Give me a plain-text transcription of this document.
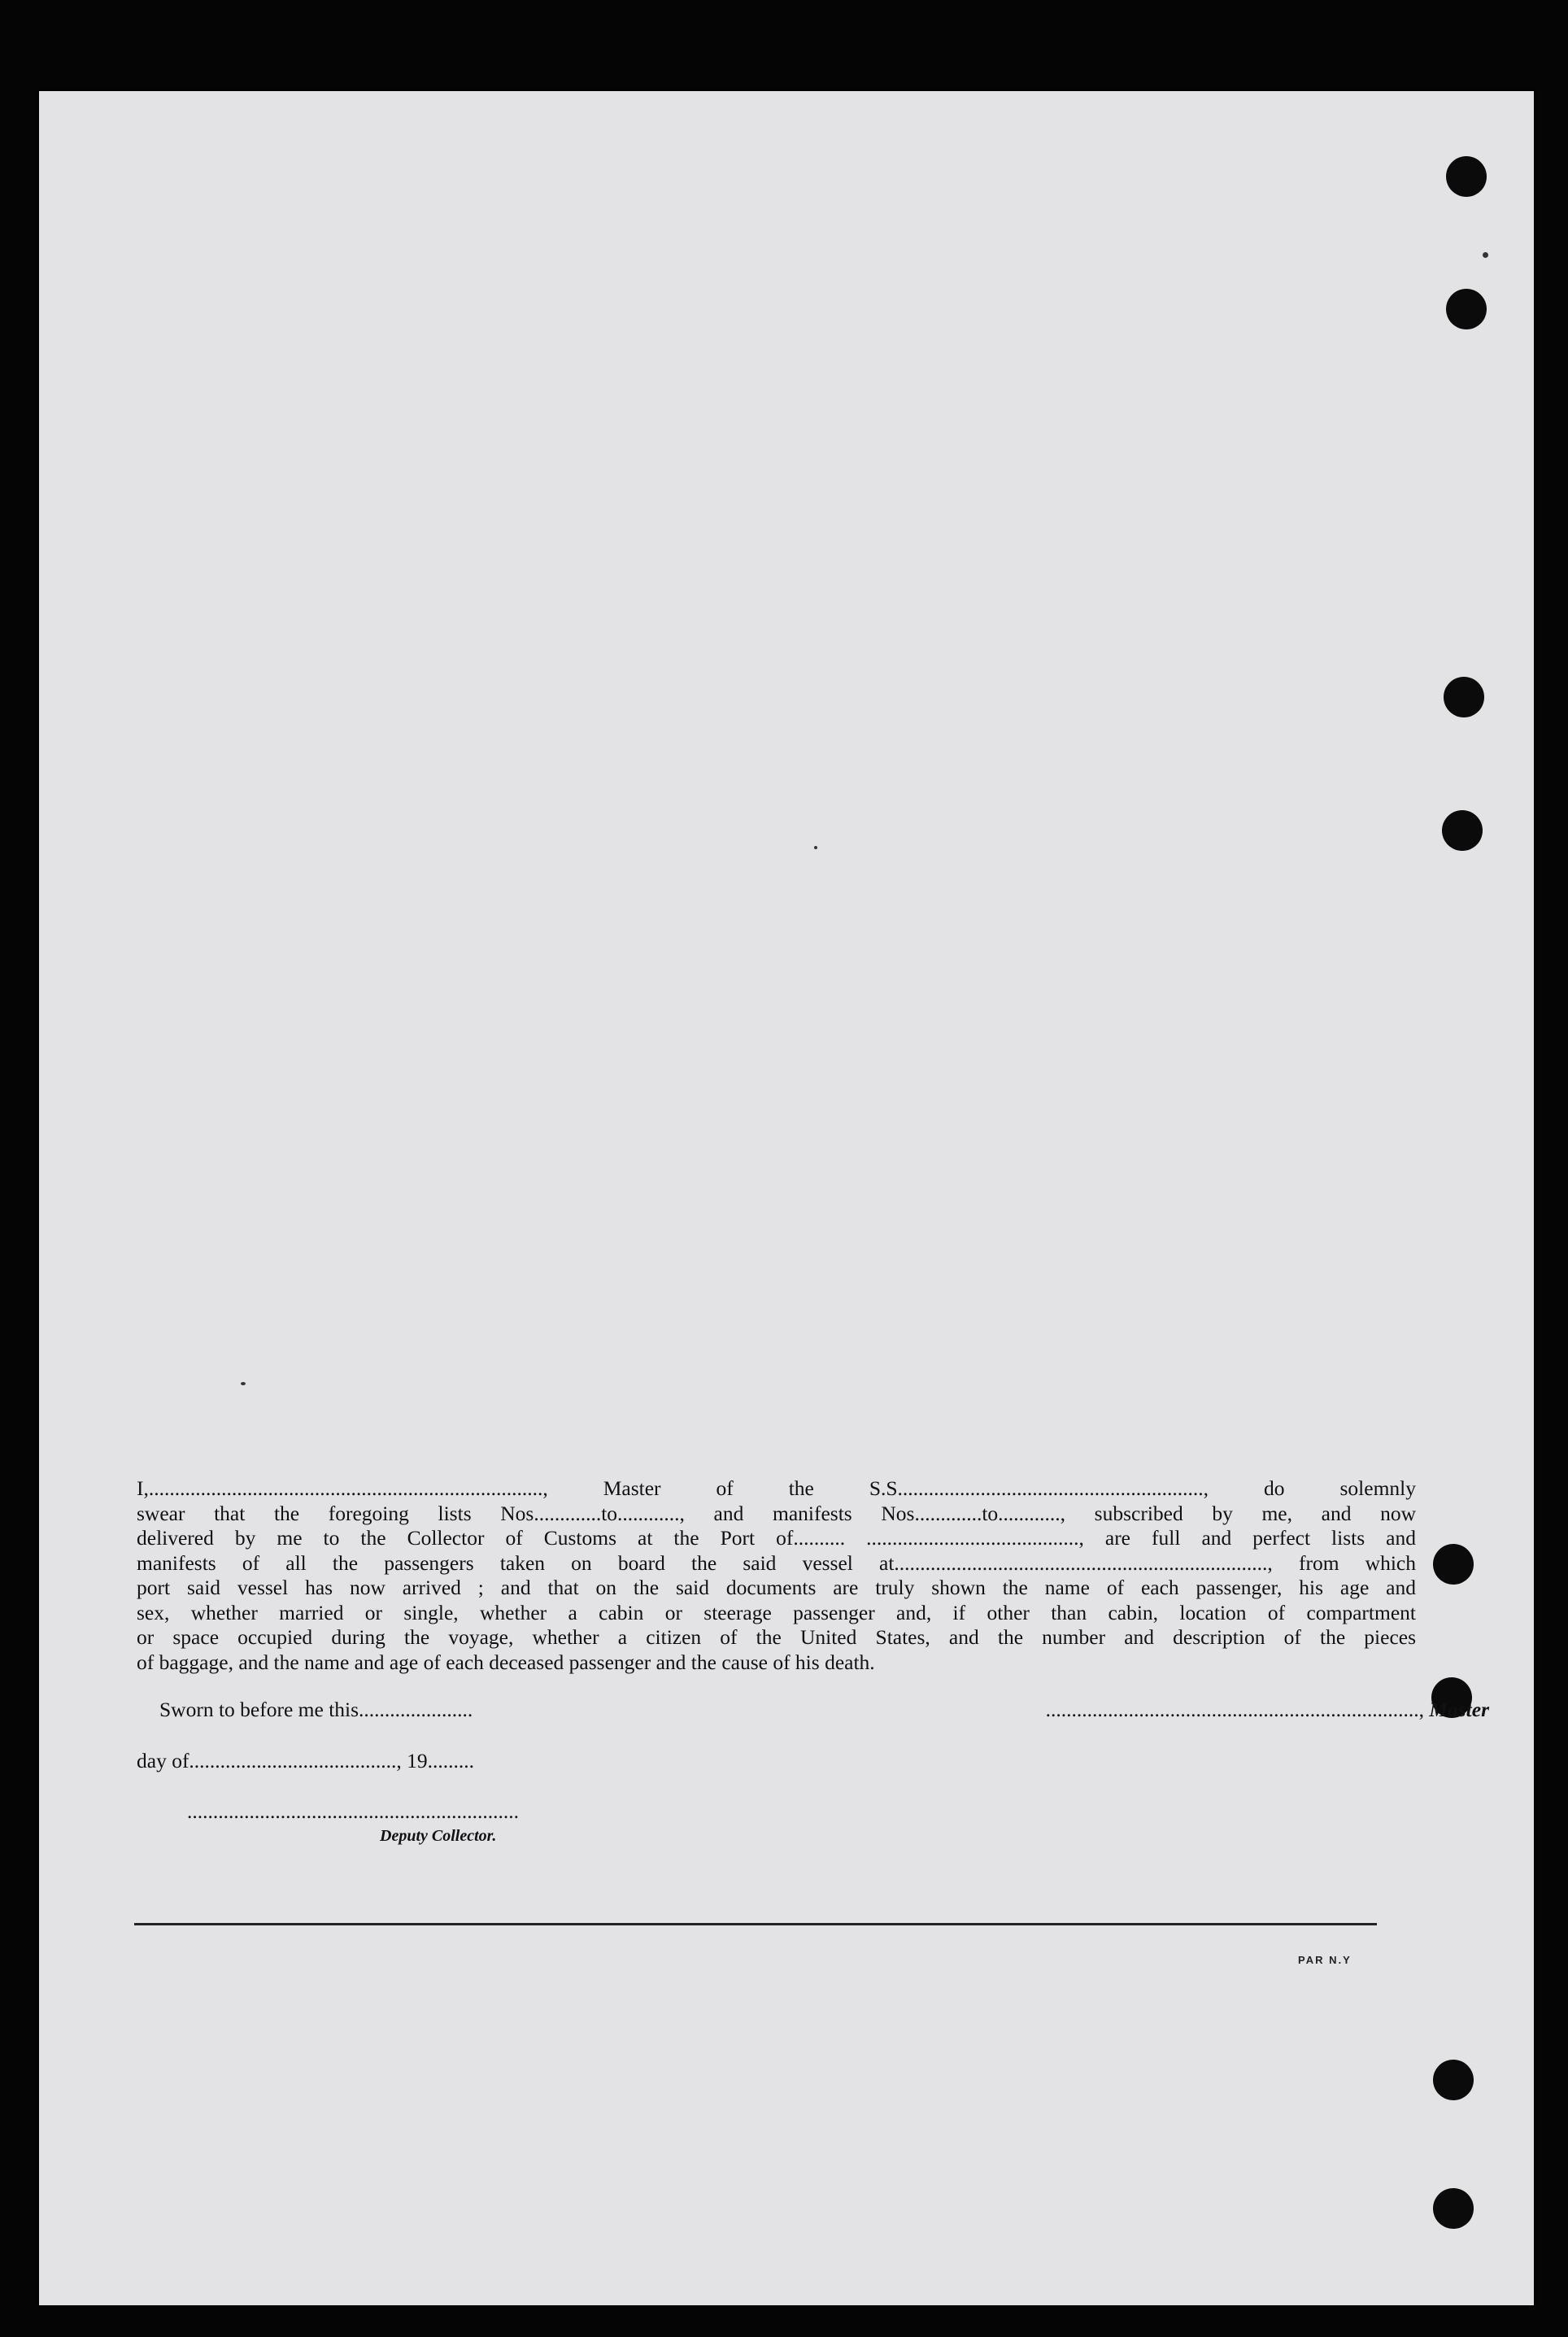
I,............................................................................, Master of the S.S..........................................................., do solemnly
swear that the foregoing lists Nos.............to............, and manifests Nos.............to............, subscribed by me, and now
delivered by me to the Collector of Customs at the Port of.......... ........................................., are full and perfect lists and
manifests of all the passengers taken on board the said vessel at........................................................................, from which
port said vessel has now arrived ; and that on the said documents are truly shown the name of each passenger, his age and
sex, whether married or single, whether a cabin or steerage passenger and, if other than cabin, location of compartment
or space occupied during the voyage, whether a citizen of the United States, and the number and description of the pieces
of baggage, and the name and age of each deceased passenger and the cause of his death.
Sworn to before me this......................	........................................................................, Master
day of........................................, 19.........
................................................................
Deputy Collector.
PAR N.Y
